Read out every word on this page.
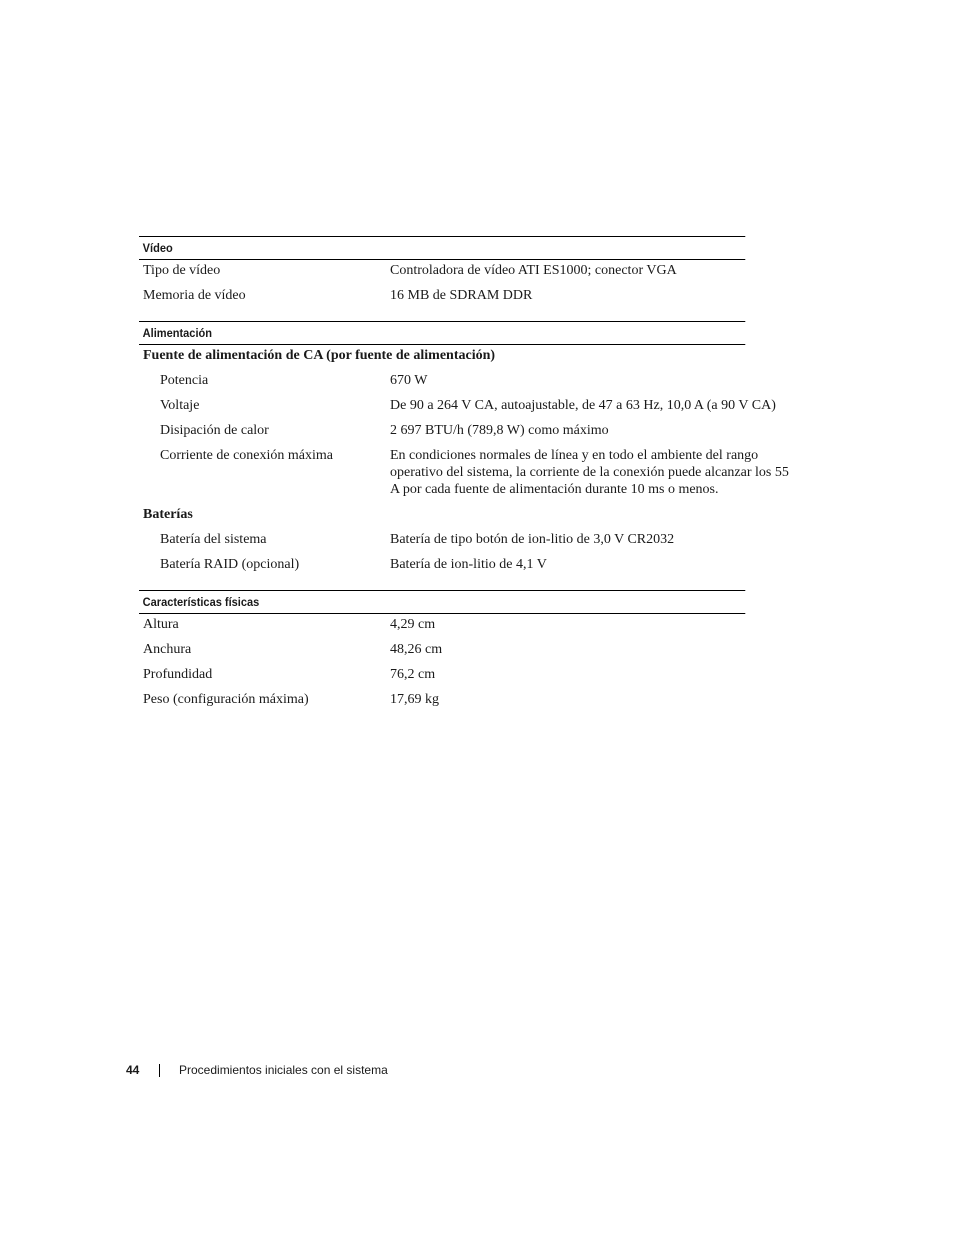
Vídeo
Tipo de vídeo	Controladora de vídeo ATI ES1000; conector VGA
Memoria de vídeo	16 MB de SDRAM DDR
Alimentación
Fuente de alimentación de CA (por fuente de alimentación)
Potencia	670 W
Voltaje	De 90 a 264 V CA, autoajustable, de 47 a 63 Hz, 10,0 A (a 90 V CA)
Disipación de calor	2 697 BTU/h (789,8 W) como máximo
Corriente de conexión máxima	En condiciones normales de línea y en todo el ambiente del rango operativo del sistema, la corriente de la conexión puede alcanzar los 55 A por cada fuente de alimentación durante 10 ms o menos.
Baterías
Batería del sistema	Batería de tipo botón de ion-litio de 3,0 V CR2032
Batería RAID (opcional)	Batería de ion-litio de 4,1 V
Características físicas
Altura	4,29 cm
Anchura	48,26 cm
Profundidad	76,2 cm
Peso (configuración máxima)	17,69 kg
44	Procedimientos iniciales con el sistema
